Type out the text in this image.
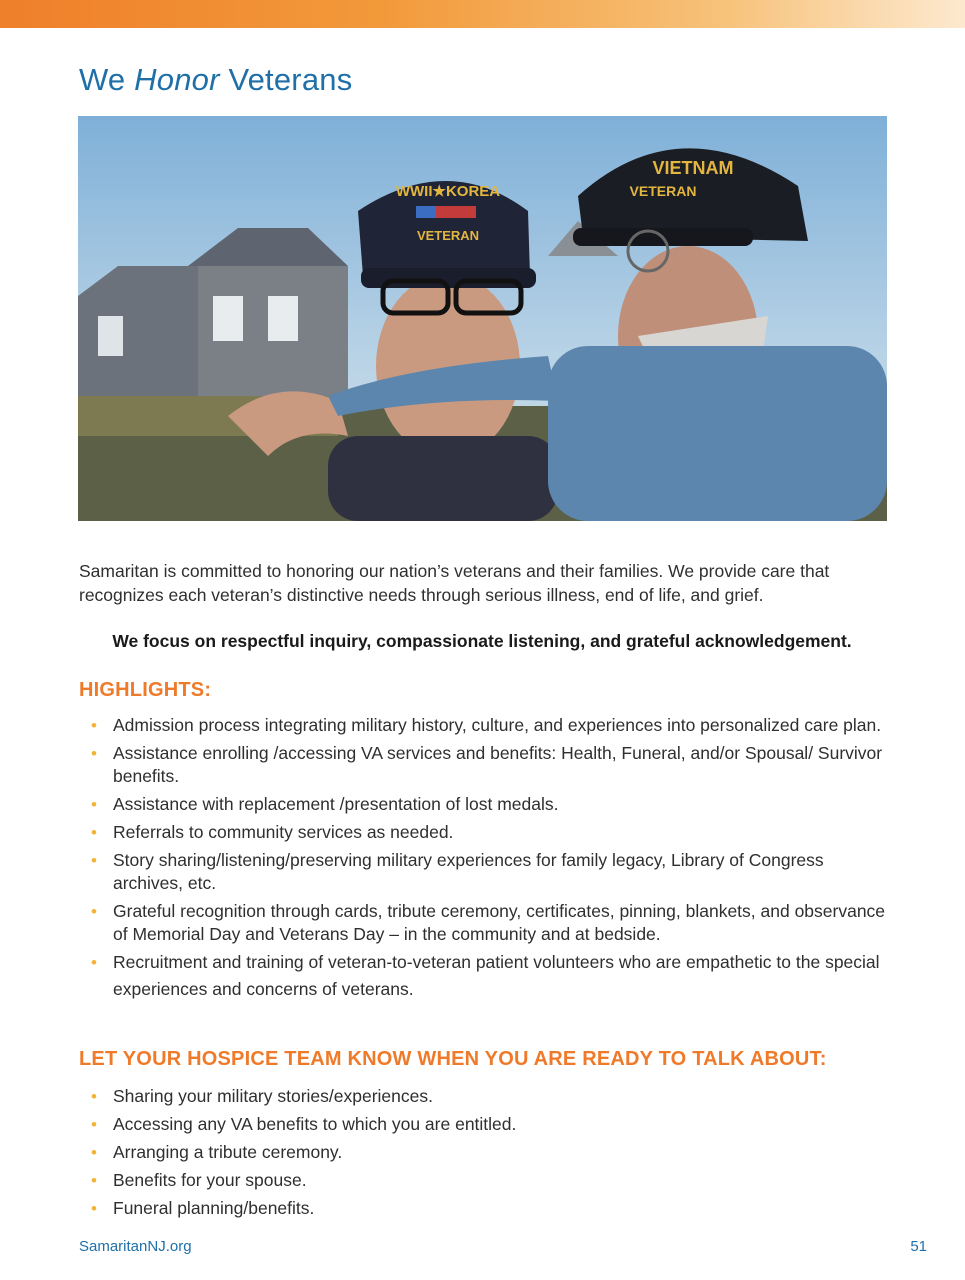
We Honor Veterans
WWII★KOREA
VETERAN
VIETNAM
VETERAN

Samaritan is committed to honoring our nation’s veterans and their families. We provide care that recognizes each veteran’s distinctive needs through serious illness, end of life, and grief.

We focus on respectful inquiry, compassionate listening, and grateful acknowledgement.

HIGHLIGHTS:
• Admission process integrating military history, culture, and experiences into personalized care plan.
• Assistance enrolling /accessing VA services and benefits: Health, Funeral, and/or Spousal/ Survivor benefits.
• Assistance with replacement /presentation of lost medals.
• Referrals to community services as needed.
• Story sharing/listening/preserving military experiences for family legacy, Library of Congress archives, etc.
• Grateful recognition through cards, tribute ceremony, certificates, pinning, blankets, and observance of Memorial Day and Veterans Day – in the community and at bedside.
• Recruitment and training of veteran-to-veteran patient volunteers who are empathetic to the special experiences and concerns of veterans.
LET YOUR HOSPICE TEAM KNOW WHEN YOU ARE READY TO TALK ABOUT:
• Sharing your military stories/experiences.
• Accessing any VA benefits to which you are entitled.
• Arranging a tribute ceremony.
• Benefits for your spouse.
• Funeral planning/benefits.
SamaritanNJ.org	51
